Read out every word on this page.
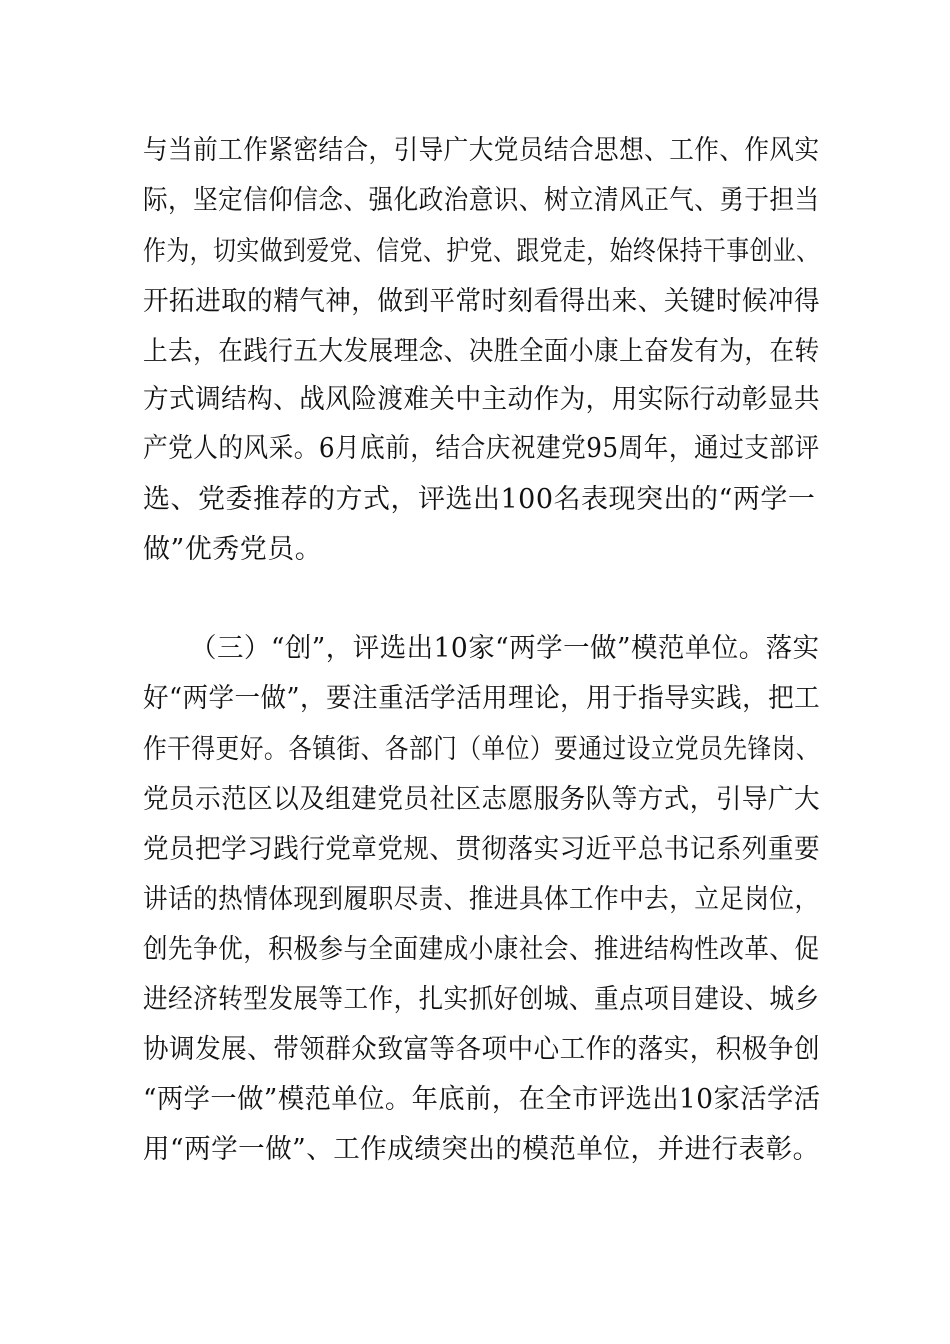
与当前工作紧密结合，引导广大党员结合思想、工作、作风实
际，坚定信仰信念、强化政治意识、树立清风正气、勇于担当
作为，切实做到爱党、信党、护党、跟党走，始终保持干事创业、
开拓进取的精气神，做到平常时刻看得出来、关键时候冲得
上去，在践行五大发展理念、决胜全面小康上奋发有为，在转
方式调结构、战风险渡难关中主动作为，用实际行动彰显共
产党人的风采。6月底前，结合庆祝建党95周年，通过支部评
选、党委推荐的方式，评选出100名表现突出的“两学一
做”优秀党员。
（三）“创”，评选出10家“两学一做”模范单位。落实
好“两学一做”，要注重活学活用理论，用于指导实践，把工
作干得更好。各镇街、各部门（单位）要通过设立党员先锋岗、
党员示范区以及组建党员社区志愿服务队等方式，引导广大
党员把学习践行党章党规、贯彻落实习近平总书记系列重要
讲话的热情体现到履职尽责、推进具体工作中去，立足岗位，
创先争优，积极参与全面建成小康社会、推进结构性改革、促
进经济转型发展等工作，扎实抓好创城、重点项目建设、城乡
协调发展、带领群众致富等各项中心工作的落实，积极争创
“两学一做”模范单位。年底前，在全市评选出10家活学活
用“两学一做”、工作成绩突出的模范单位，并进行表彰。
